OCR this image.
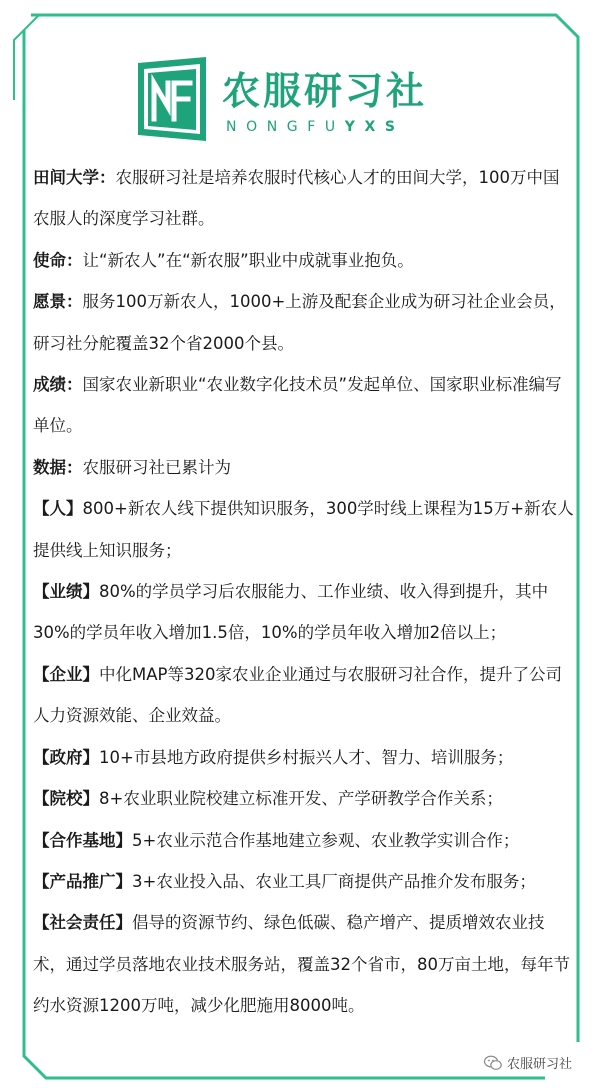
农服研习社
NONGFUYXS

田间大学：农服研习社是培养农服时代核心人才的田间大学，100万中国农服人的深度学习社群。

使命：让“新农人”在“新农服”职业中成就事业抱负。

愿景：服务100万新农人，1000+上游及配套企业成为研习社企业会员，研习社分舵覆盖32个省2000个县。

成绩：国家农业新职业“农业数字化技术员”发起单位、国家职业标准编写单位。

数据：农服研习社已累计为

【人】800+新农人线下提供知识服务，300学时线上课程为15万+新农人提供线上知识服务；

【业绩】80%的学员学习后农服能力、工作业绩、收入得到提升，其中30%的学员年收入增加1.5倍，10%的学员年收入增加2倍以上；

【企业】中化MAP等320家农业企业通过与农服研习社合作，提升了公司人力资源效能、企业效益。

【政府】10+市县地方政府提供乡村振兴人才、智力、培训服务；

【院校】8+农业职业院校建立标准开发、产学研教学合作关系；

【合作基地】5+农业示范合作基地建立参观、农业教学实训合作；

【产品推广】3+农业投入品、农业工具厂商提供产品推介发布服务；

【社会责任】倡导的资源节约、绿色低碳、稳产增产、提质增效农业技术，通过学员落地农业技术服务站，覆盖32个省市，80万亩土地，每年节约水资源1200万吨，减少化肥施用8000吨。

农服研习社
